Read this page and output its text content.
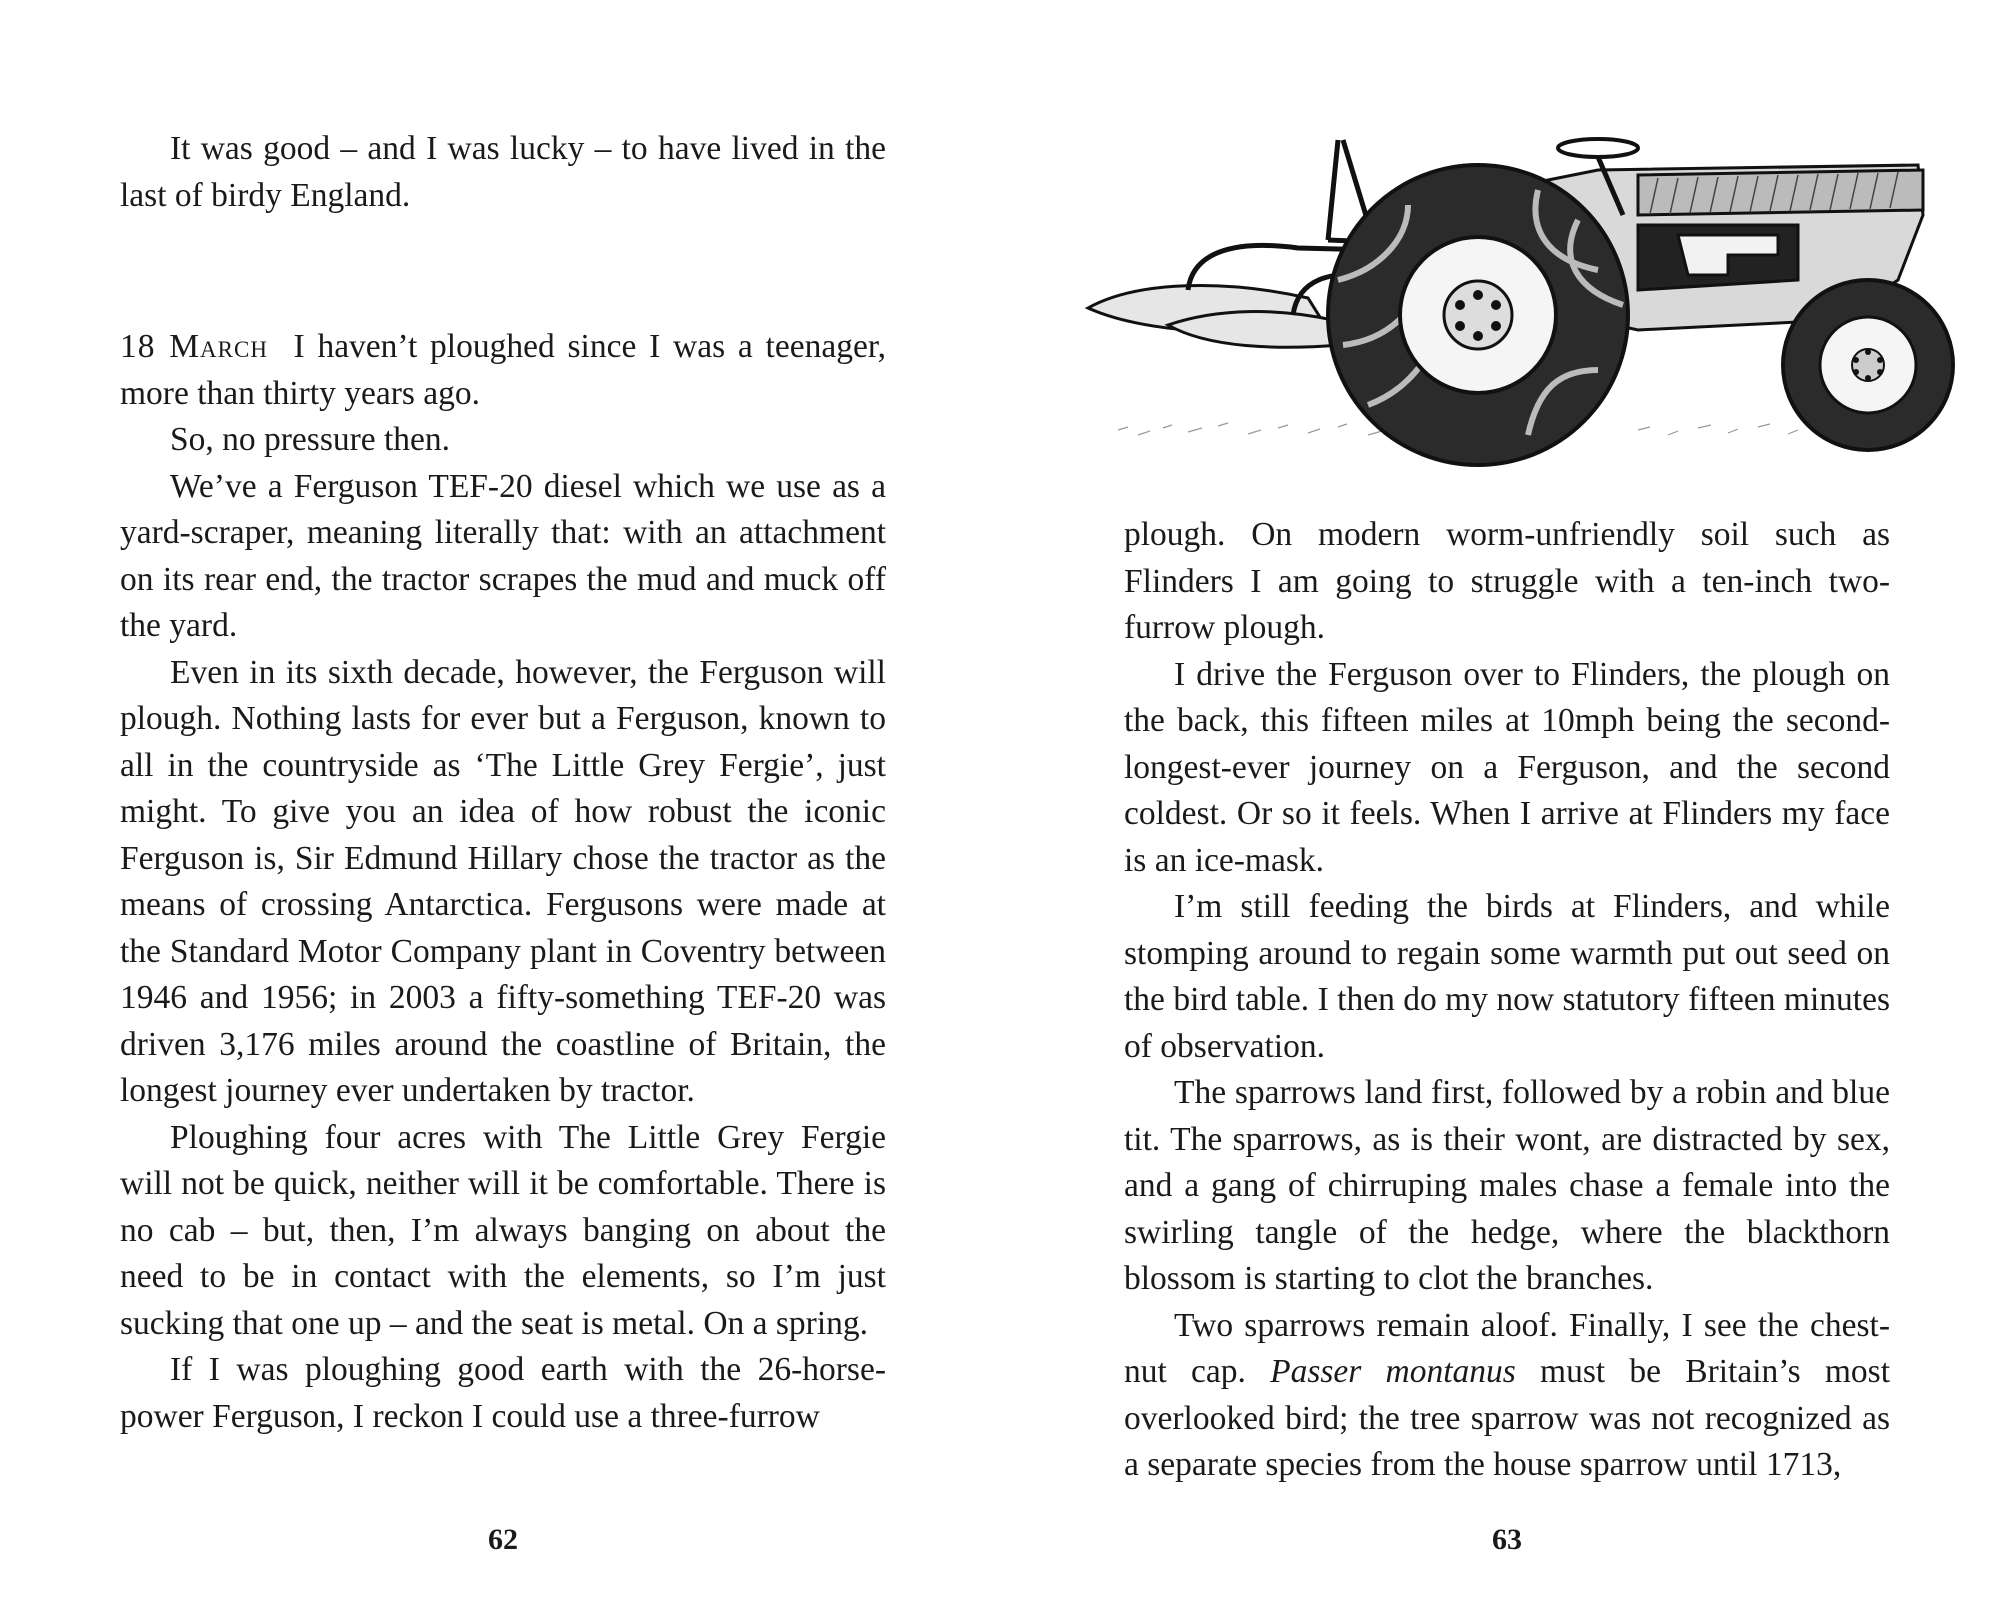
It was good – and I was lucky – to have lived in the last of birdy England.

18 March I haven’t ploughed since I was a teenager, more than thirty years ago.

So, no pressure then.

We’ve a Ferguson TEF-20 diesel which we use as a yard-scraper, meaning literally that: with an attachment on its rear end, the tractor scrapes the mud and muck off the yard.

Even in its sixth decade, however, the Ferguson will plough. Nothing lasts for ever but a Ferguson, known to all in the countryside as ‘The Little Grey Fergie’, just might. To give you an idea of how robust the iconic Ferguson is, Sir Edmund Hillary chose the tractor as the means of crossing Antarctica. Fergusons were made at the Standard Motor Company plant in Coventry between 1946 and 1956; in 2003 a fifty-something TEF-20 was driven 3,176 miles around the coastline of Britain, the longest journey ever undertaken by tractor.

Ploughing four acres with The Little Grey Fergie will not be quick, neither will it be comfortable. There is no cab – but, then, I’m always banging on about the need to be in contact with the elements, so I’m just sucking that one up – and the seat is metal. On a spring.

If I was ploughing good earth with the 26-horse-power Ferguson, I reckon I could use a three-furrow

62

plough. On modern worm-unfriendly soil such as Flinders I am going to struggle with a ten-inch two-furrow plough.

I drive the Ferguson over to Flinders, the plough on the back, this fifteen miles at 10mph being the second-longest-ever journey on a Ferguson, and the second coldest. Or so it feels. When I arrive at Flinders my face is an ice-mask.

I’m still feeding the birds at Flinders, and while stomping around to regain some warmth put out seed on the bird table. I then do my now statutory fifteen minutes of observation.

The sparrows land first, followed by a robin and blue tit. The sparrows, as is their wont, are distracted by sex, and a gang of chirruping males chase a female into the swirling tangle of the hedge, where the blackthorn blossom is starting to clot the branches.

Two sparrows remain aloof. Finally, I see the chest-nut cap. Passer montanus must be Britain’s most overlooked bird; the tree sparrow was not recognized as a separate species from the house sparrow until 1713,

63
